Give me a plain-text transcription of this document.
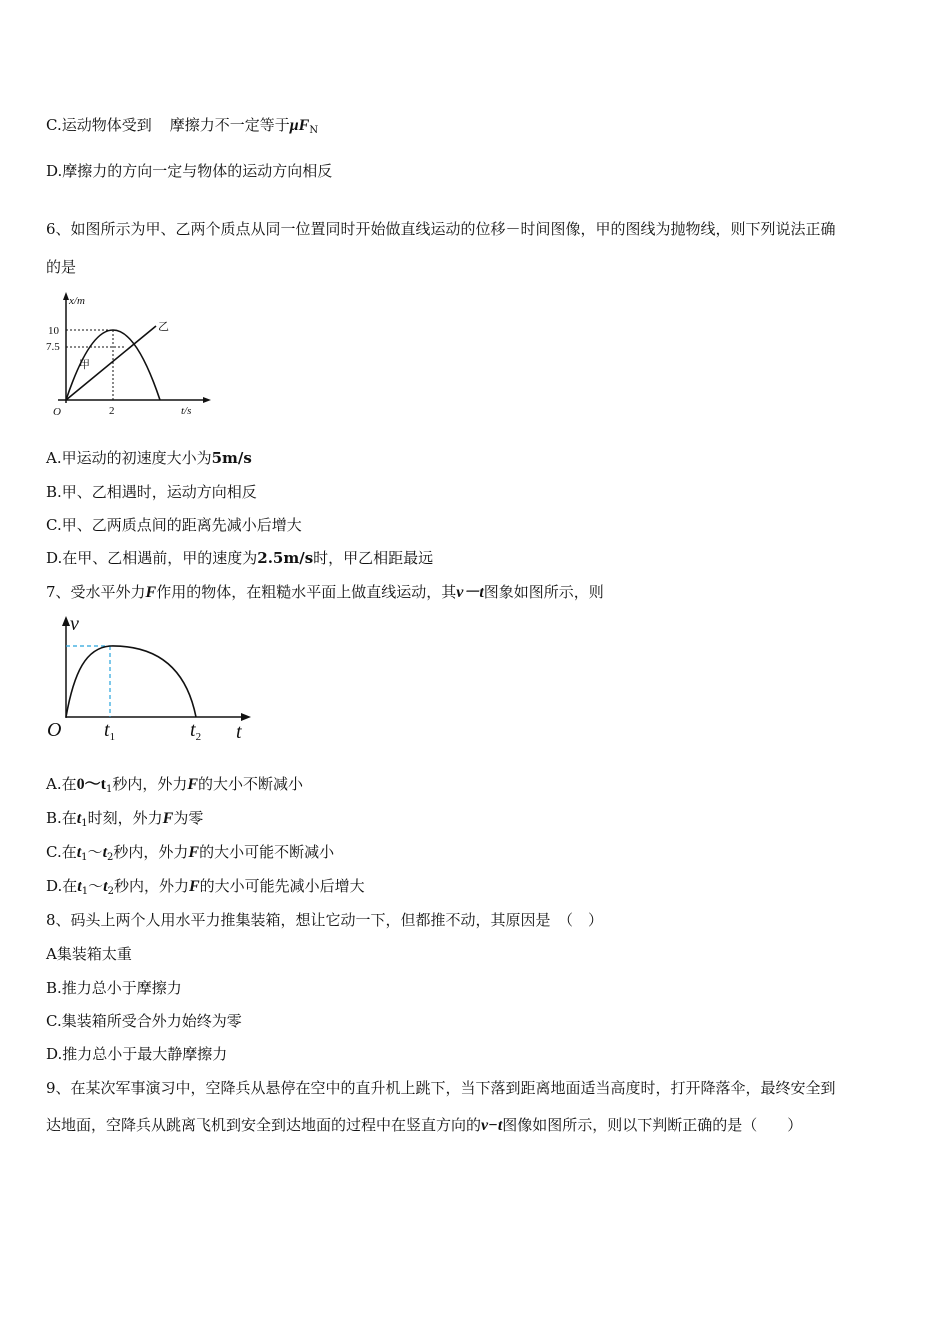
C.运动物体受到 摩擦力不一定等于$\mu F_N$
D.摩擦力的方向一定与物体的运动方向相反
6、如图所示为甲、乙两个质点从同一位置同时开始做直线运动的位移－时间图像，甲的图线为抛物线，则下列说法正确
的是
x/m
t/s
O
10
7.5
2
甲
乙
A.甲运动的初速度大小为5m/s
B.甲、乙相遇时，运动方向相反
C.甲、乙两质点间的距离先减小后增大
D.在甲、乙相遇前，甲的速度为2.5m/s时，甲乙相距最远
7、受水平外力F作用的物体，在粗糙水平面上做直线运动，其v－t图象如图所示，则
v
t
O $t_1$	$t_2$
A.在$0\sim t_1$秒内，外力F的大小不断减小
B.在$t_1$时刻，外力F为零
C.在$t_1\sim t_2$秒内，外力F的大小可能不断减小
D.在$t_1\sim t_2$秒内，外力F的大小可能先减小后增大
8、码头上两个人用水平力推集装箱，想让它动一下，但都推不动，其原因是　（　）
A集装箱太重
B.推力总小于摩擦力
C.集装箱所受合外力始终为零
D.推力总小于最大静摩擦力
9、在某次军事演习中，空降兵从悬停在空中的直升机上跳下，当下落到距离地面适当高度时，打开降落伞，最终安全到
达地面，空降兵从跳离飞机到安全到达地面的过程中在竖直方向的v−t图像如图所示，则以下判断正确的是（　　）
